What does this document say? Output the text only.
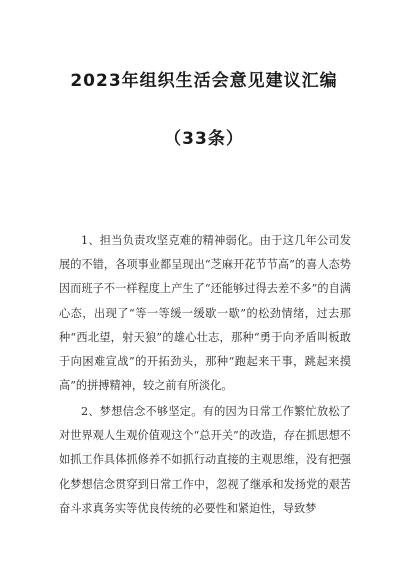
2023年组织生活会意见建议汇编
（33条）

1、担当负责攻坚克难的精神弱化。由于这几年公司发展的不错，各项事业都呈现出“芝麻开花节节高”的喜人态势因而班子不一样程度上产生了“还能够过得去差不多”的自满心态，出现了“等一等缓一缓歇一歇”的松劲情绪，过去那种“西北望，射天狼”的雄心壮志，那种“勇于向矛盾叫板敢于向困难宣战”的开拓劲头，那种“跑起来干事，跳起来摸高”的拼搏精神，较之前有所淡化。

2、梦想信念不够坚定。有的因为日常工作繁忙放松了对世界观人生观价值观这个“总开关”的改造，存在抓思想不如抓工作具体抓修养不如抓行动直接的主观思维，没有把强化梦想信念贯穿到日常工作中，忽视了继承和发扬党的艰苦奋斗求真务实等优良传统的必要性和紧迫性，导致梦
